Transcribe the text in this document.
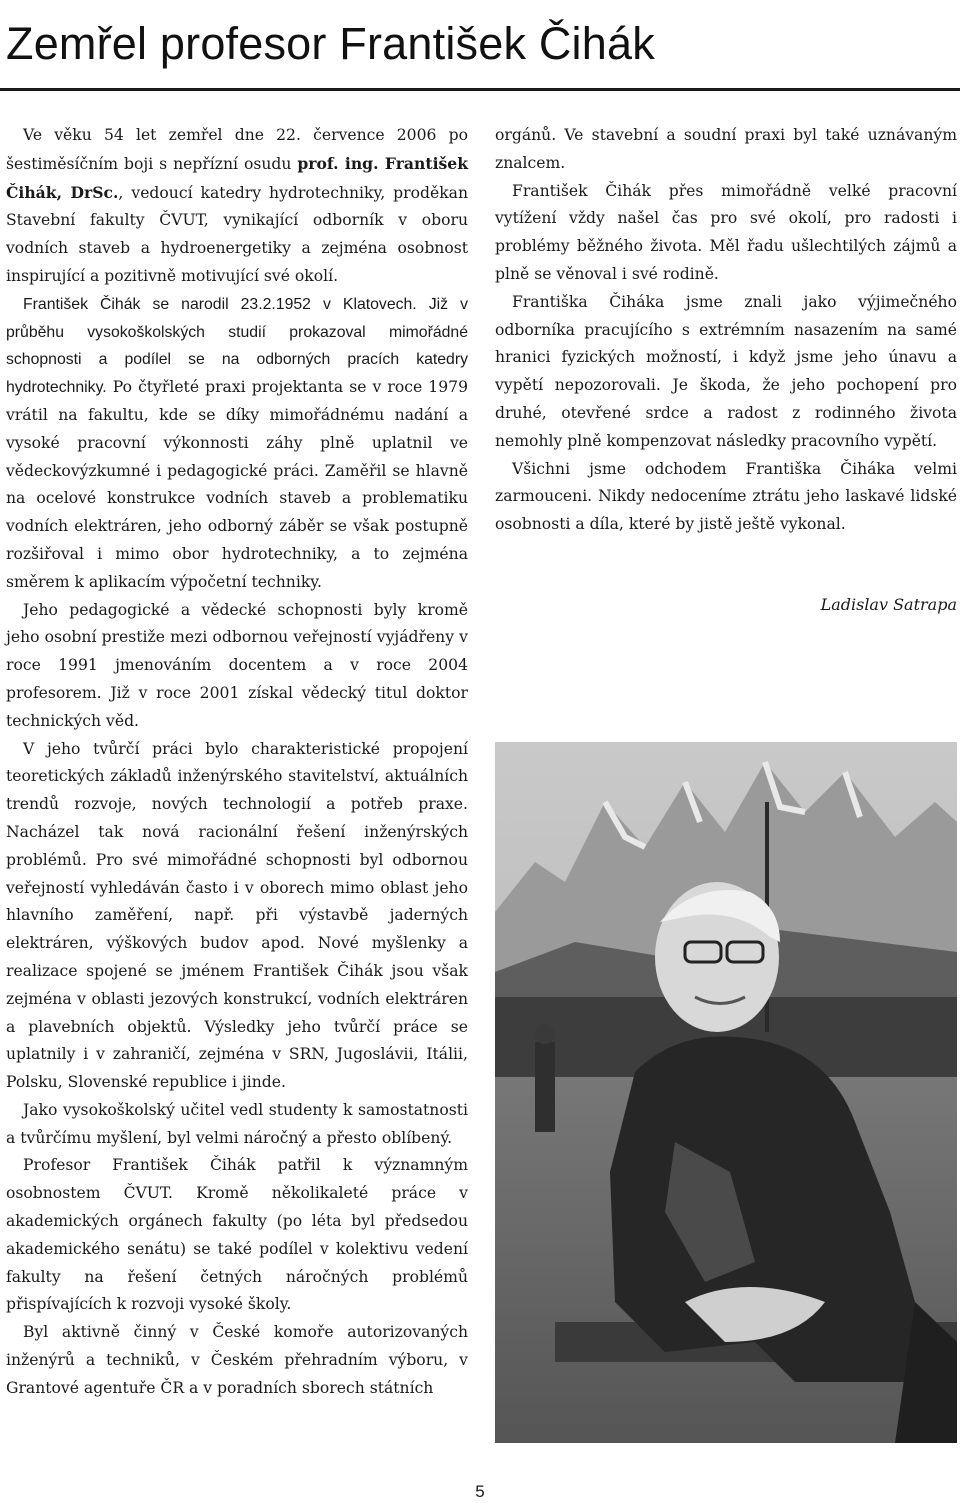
Zemřel profesor František Čihák

Ve věku 54 let zemřel dne 22. července 2006 po šestiměsíčním boji s nepřízní osudu prof. ing. František Čihák, DrSc., vedoucí katedry hydrotechniky, proděkan Stavební fakulty ČVUT, vynikající odborník v oboru vodních staveb a hydroenergetiky a zejména osobnost inspirující a pozitivně motivující své okolí.

František Čihák se narodil 23.2.1952 v Klatovech. Již v průběhu vysokoškolských studií prokazoval mimořádné schopnosti a podílel se na odborných pracích katedry hydrotechniky. Po čtyřleté praxi projektanta se v roce 1979 vrátil na fakultu, kde se díky mimořádnému nadání a vysoké pracovní výkonnosti záhy plně uplatnil ve vědeckovýzkumné i pedagogické práci. Zaměřil se hlavně na ocelové konstrukce vodních staveb a problematiku vodních elektráren, jeho odborný záběr se však postupně rozšiřoval i mimo obor hydrotechniky, a to zejména směrem k aplikacím výpočetní techniky.

Jeho pedagogické a vědecké schopnosti byly kromě jeho osobní prestiže mezi odbornou veřejností vyjádřeny v roce 1991 jmenováním docentem a v roce 2004 profesorem. Již v roce 2001 získal vědecký titul doktor technických věd.

V jeho tvůrčí práci bylo charakteristické propojení teoretických základů inženýrského stavitelství, aktuálních trendů rozvoje, nových technologií a potřeb praxe. Nacházel tak nová racionální řešení inženýrských problémů. Pro své mimořádné schopnosti byl odbornou veřejností vyhledáván často i v oborech mimo oblast jeho hlavního zaměření, např. při výstavbě jaderných elektráren, výškových budov apod. Nové myšlenky a realizace spojené se jménem František Čihák jsou však zejména v oblasti jezových konstrukcí, vodních elektráren a plavebních objektů. Výsledky jeho tvůrčí práce se uplatnily i v zahraničí, zejména v SRN, Jugoslávii, Itálii, Polsku, Slovenské republice i jinde.

Jako vysokoškolský učitel vedl studenty k samostatnosti a tvůrčímu myšlení, byl velmi náročný a přesto oblíbený.

Profesor František Čihák patřil k významným osobnostem ČVUT. Kromě několikaleté práce v akademických orgánech fakulty (po léta byl předsedou akademického senátu) se také podílel v kolektivu vedení fakulty na řešení četných náročných problémů přispívajících k rozvoji vysoké školy.

Byl aktivně činný v České komoře autorizovaných inženýrů a techniků, v Českém přehradním výboru, v Grantové agentuře ČR a v poradních sborech státních

orgánů. Ve stavební a soudní praxi byl také uznávaným znalcem.

František Čihák přes mimořádně velké pracovní vytížení vždy našel čas pro své okolí, pro radosti i problémy běžného života. Měl řadu ušlechtilých zájmů a plně se věnoval i své rodině.

Františka Čiháka jsme znali jako výjimečného odborníka pracujícího s extrémním nasazením na samé hranici fyzických možností, i když jsme jeho únavu a vypětí nepozorovali. Je škoda, že jeho pochopení pro druhé, otevřené srdce a radost z rodinného života nemohly plně kompenzovat následky pracovního vypětí.

Všichni jsme odchodem Františka Čiháka velmi zarmouceni. Nikdy nedoceníme ztrátu jeho laskavé lidské osobnosti a díla, které by jistě ještě vykonal.

Ladislav Satrapa
5
